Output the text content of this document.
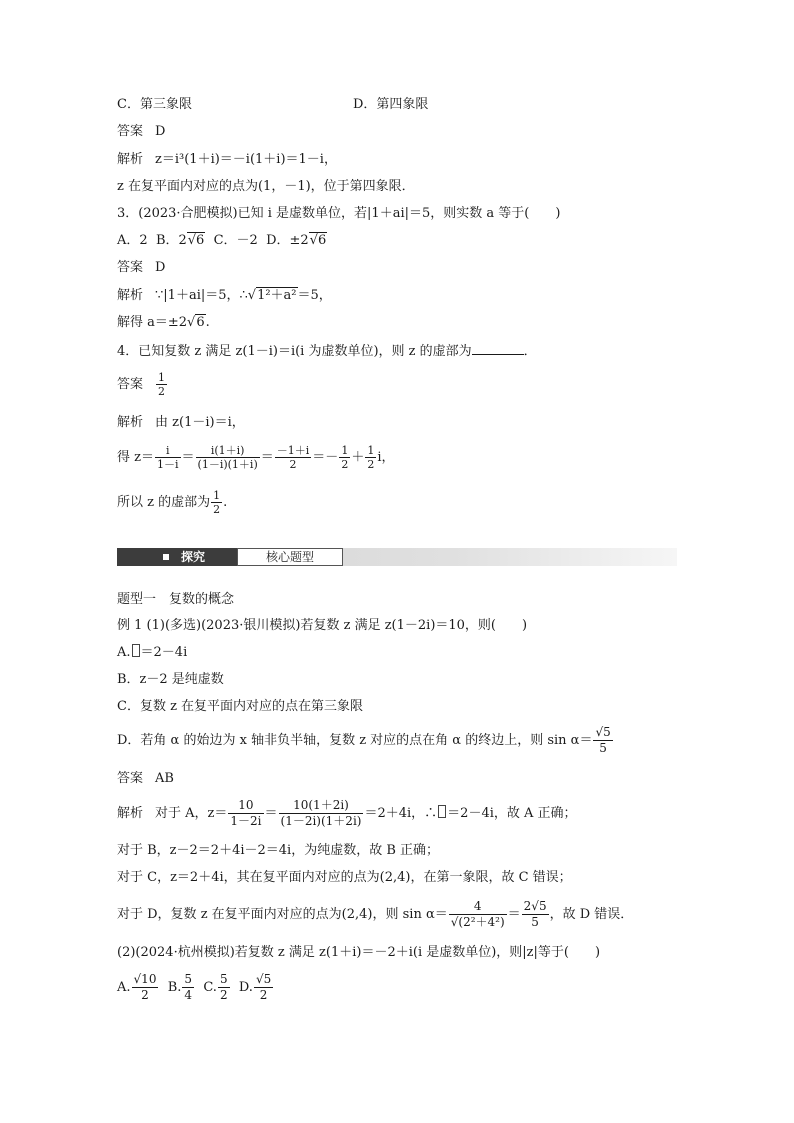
C．第三象限	D．第四象限
答案 D
解析 z＝i³(1＋i)＝－i(1＋i)＝1－i，
z 在复平面内对应的点为(1，－1)，位于第四象限．
3．(2023·合肥模拟)已知 i 是虚数单位，若|1＋ai|＝5，则实数 a 等于(　　)
A．2 B．2√6 C．－2 D．±2√6
答案 D
解析 ∵|1＋ai|＝5，∴√1²＋a²＝5，
解得 a＝±2√6.
4．已知复数 z 满足 z(1－i)＝i(i 为虚数单位)，则 z 的虚部为	．
答案 $\frac{1}{2}$
解析 由 z(1－i)＝i，
得 $z= \frac{i}{1-i} = \frac{i(1+i)}{(1-i)(1+i)} = \frac{-1+i}{2} =- \frac{1}{2} + \frac{1}{2}$ i，
所以 z 的虚部为 $\frac{1}{2}$ .
题型一　复数的概念
例 1 (1)(多选)(2023·银川模拟)若复数 z 满足 z(1－2i)＝10，则(　　)
A. ＝2－4i
B．z－2 是纯虚数
C．复数 z 在复平面内对应的点在第三象限
D．若角 α 的始边为 x 轴非负半轴，复数 z 对应的点在角 α 的终边上，则 $\sin \alpha= \frac{√5}{5}$
答案 AB
解析 对于 A，$z= \frac{10}{1-2i} = \frac{10(1+2i)}{(1-2i)(1+2i)} =2+4i$，∴ ＝2－4i，故 A 正确；
对于 B，z－2＝2＋4i－2＝4i，为纯虚数，故 B 正确；
对于 C，z＝2＋4i，其在复平面内对应的点为(2,4)，在第一象限，故 C 错误；
对于 D，复数 z 在复平面内对应的点为(2,4)，则 $\sin \alpha= \frac{4}{\text{√(2²＋4²)}} = \frac{2√5}{5}$ ，故 D 错误．
(2)(2024·杭州模拟)若复数 z 满足 z(1＋i)＝－2＋i(i 是虚数单位)，则|z|等于(　　)
A. $\frac{√10}{2} B$. $\frac{5}{4} C$. $\frac{5}{2} D$. $\frac{√5}{2}$
探究	核心题型
